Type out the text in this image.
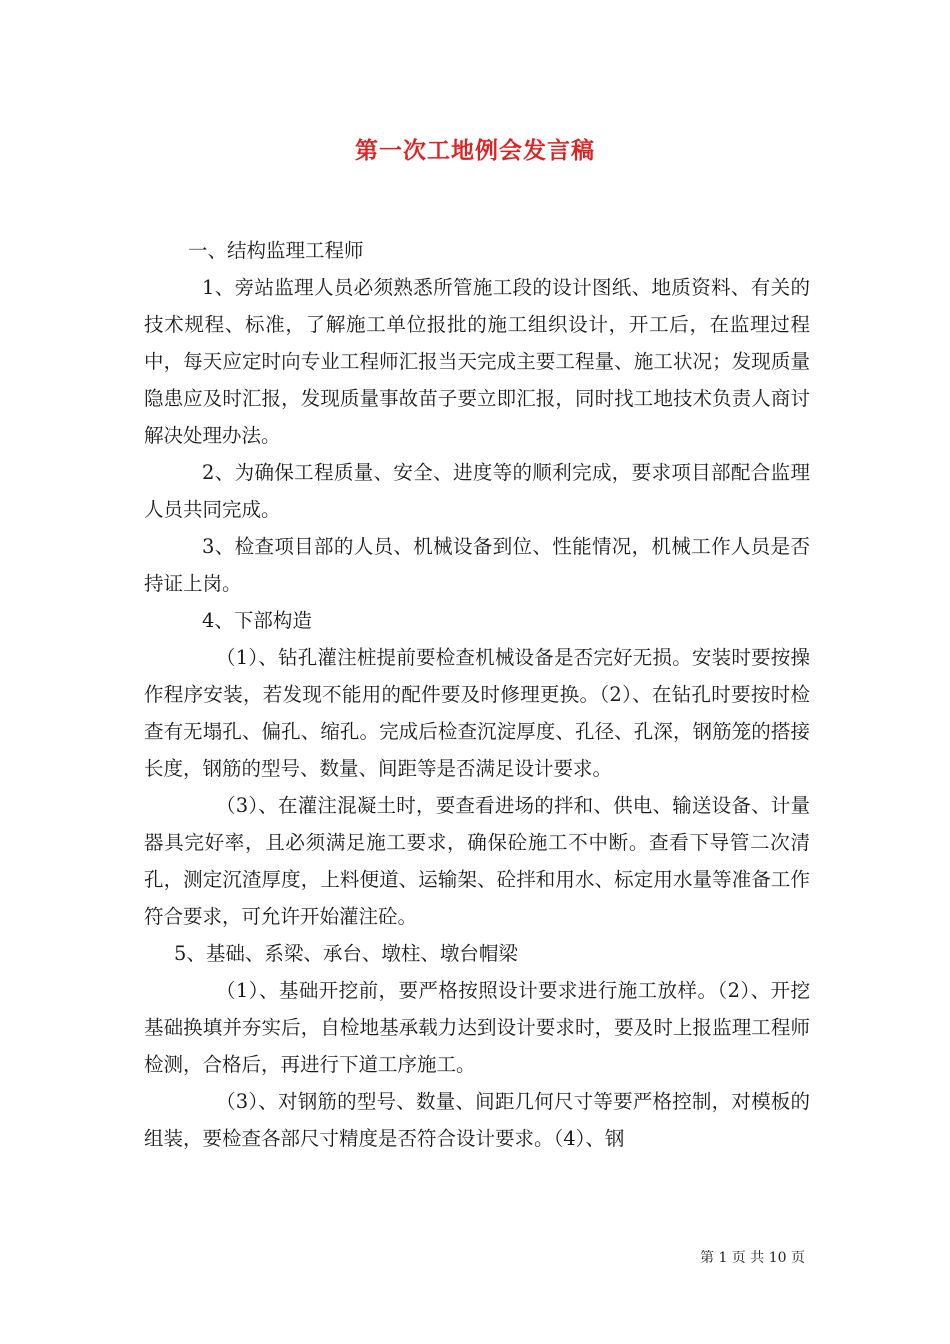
第一次工地例会发言稿

一、结构监理工程师

1、旁站监理人员必须熟悉所管施工段的设计图纸、地质资料、有关的技术规程、标准，了解施工单位报批的施工组织设计，开工后，在监理过程中，每天应定时向专业工程师汇报当天完成主要工程量、施工状况；发现质量隐患应及时汇报，发现质量事故苗子要立即汇报，同时找工地技术负责人商讨解决处理办法。

2、为确保工程质量、安全、进度等的顺利完成，要求项目部配合监理人员共同完成。

3、检查项目部的人员、机械设备到位、性能情况，机械工作人员是否持证上岗。

4、下部构造

（1）、钻孔灌注桩提前要检查机械设备是否完好无损。安装时要按操作程序安装，若发现不能用的配件要及时修理更换。（2）、在钻孔时要按时检查有无塌孔、偏孔、缩孔。完成后检查沉淀厚度、孔径、孔深，钢筋笼的搭接长度，钢筋的型号、数量、间距等是否满足设计要求。

（3）、在灌注混凝土时，要查看进场的拌和、供电、输送设备、计量器具完好率，且必须满足施工要求，确保砼施工不中断。查看下导管二次清孔，测定沉渣厚度，上料便道、运输架、砼拌和用水、标定用水量等准备工作符合要求，可允许开始灌注砼。

5、基础、系梁、承台、墩柱、墩台帽梁

（1）、基础开挖前，要严格按照设计要求进行施工放样。（2）、开挖基础换填并夯实后，自检地基承载力达到设计要求时，要及时上报监理工程师检测，合格后，再进行下道工序施工。

（3）、对钢筋的型号、数量、间距几何尺寸等要严格控制，对模板的组装，要检查各部尺寸精度是否符合设计要求。（4）、钢

第 1 页 共 10 页
